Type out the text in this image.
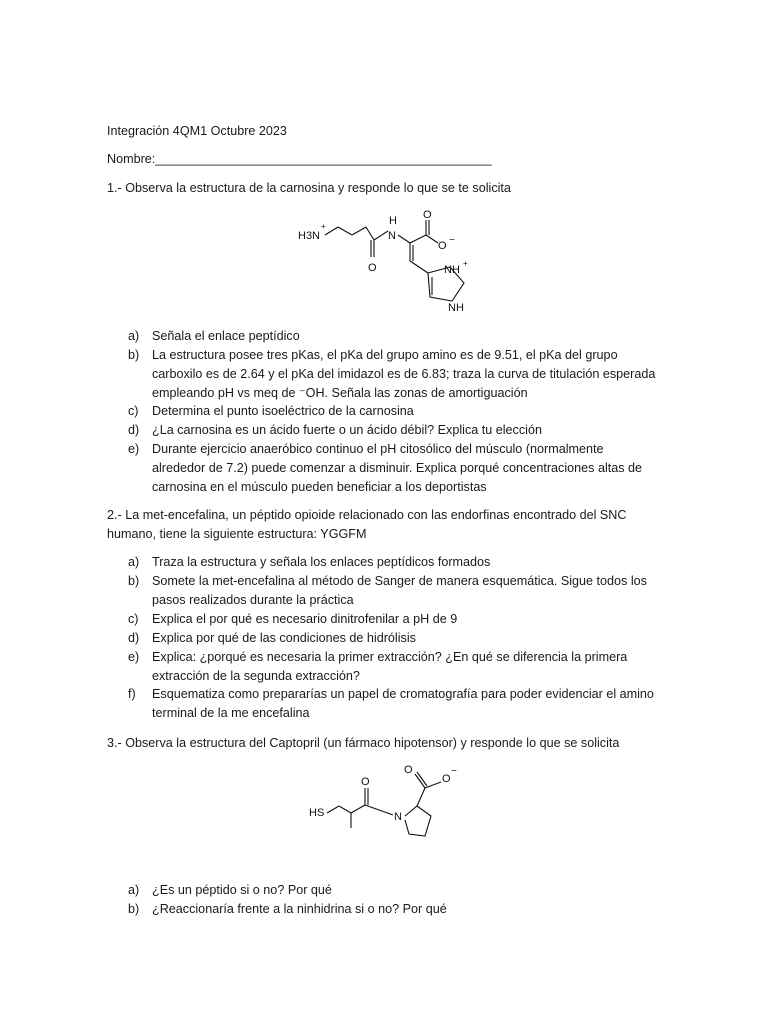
Integración 4QM1 Octubre 2023
Nombre:________________________________________________
1.- Observa la estructura de la carnosina y responde lo que se te solicita
H3N
+	H
N
O
O
O −
NH
+
NH
a)	Señala el enlace peptídico
b)	La estructura posee tres pKas, el pKa del grupo amino es de 9.51, el pKa del grupo
carboxilo es de 2.64 y el pKa del imidazol es de 6.83; traza la curva de titulación esperada
empleando pH vs meq de ⁻OH. Señala las zonas de amortiguación
c)	Determina el punto isoeléctrico de la carnosina
d)	¿La carnosina es un ácido fuerte o un ácido débil? Explica tu elección
e)	Durante ejercicio anaeróbico continuo el pH citosólico del músculo (normalmente
alrededor de 7.2) puede comenzar a disminuir. Explica porqué concentraciones altas de
carnosina en el músculo pueden beneficiar a los deportistas
2.- La met-encefalina, un péptido opioide relacionado con las endorfinas encontrado del SNC
humano, tiene la siguiente estructura: YGGFM
a)	Traza la estructura y señala los enlaces peptídicos formados
b)	Somete la met-encefalina al método de Sanger de manera esquemática. Sigue todos los
pasos realizados durante la práctica
c)	Explica el por qué es necesario dinitrofenilar a pH de 9
d)	Explica por qué de las condiciones de hidrólisis
e)	Explica: ¿porqué es necesaria la primer extracción? ¿En qué se diferencia la primera
extracción de la segunda extracción?
f)	Esquematiza como prepararías un papel de cromatografía para poder evidenciar el amino
terminal de la me encefalina
3.- Observa la estructura del Captopril (un fármaco hipotensor) y responde lo que se solicita
HS
O
N
O
O
−
a)	¿Es un péptido si o no? Por qué
b)	¿Reaccionaría frente a la ninhidrina si o no? Por qué
